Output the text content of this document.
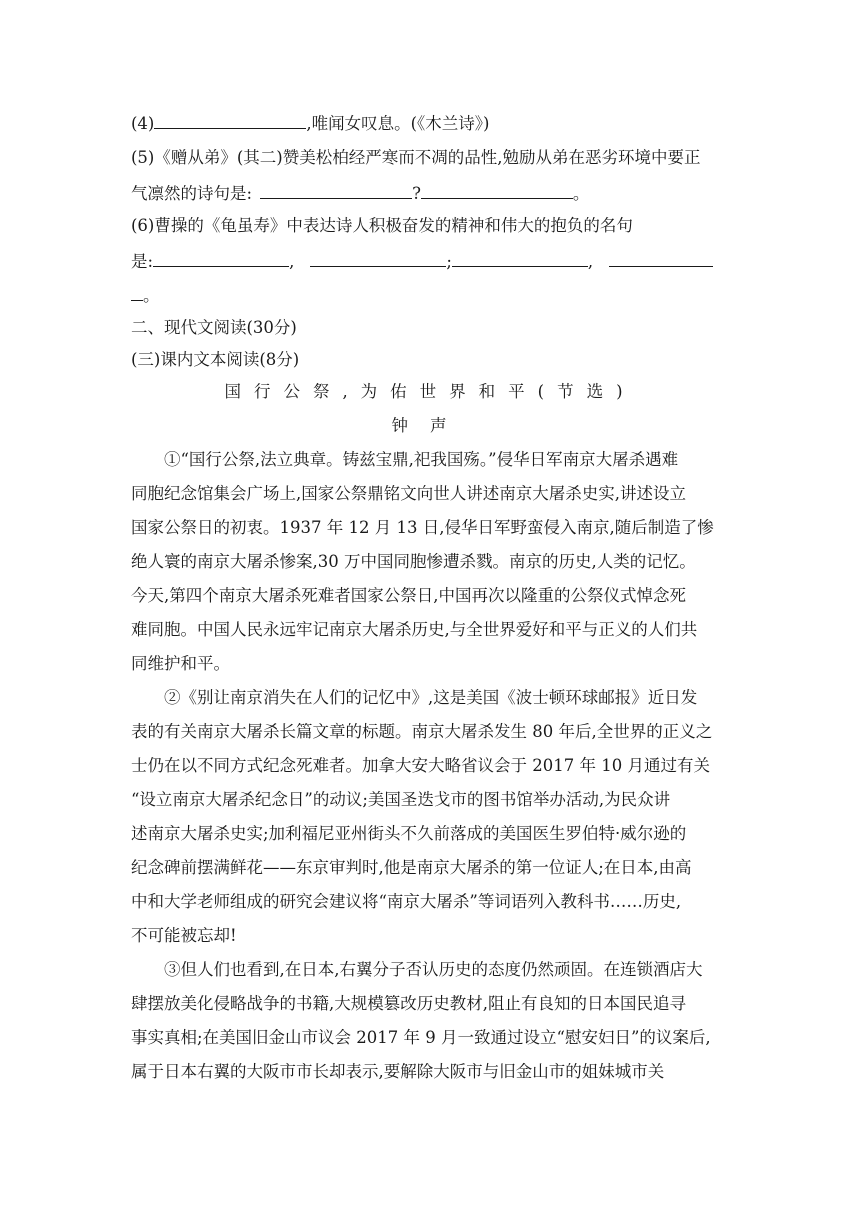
(4)	,唯闻女叹息。(《木兰诗》)
(5)《赠从弟》(其二)赞美松柏经严寒而不凋的品性,勉励从弟在恶劣环境中要正
气凛然的诗句是:	?	。
(6)曹操的《龟虽寿》中表达诗人积极奋发的精神和伟大的抱负的名句
是:	,	;	,
。
二、现代文阅读(30分)
(三)课内文本阅读(8分)
国行公祭,为佑世界和平(节选)
钟声
①“国行公祭,法立典章。铸兹宝鼎,祀我国殇。”侵华日军南京大屠杀遇难
同胞纪念馆集会广场上,国家公祭鼎铭文向世人讲述南京大屠杀史实,讲述设立
国家公祭日的初衷。1937 年 12 月 13 日,侵华日军野蛮侵入南京,随后制造了惨
绝人寰的南京大屠杀惨案,30 万中国同胞惨遭杀戮。南京的历史,人类的记忆。
今天,第四个南京大屠杀死难者国家公祭日,中国再次以隆重的公祭仪式悼念死
难同胞。中国人民永远牢记南京大屠杀历史,与全世界爱好和平与正义的人们共
同维护和平。
②《别让南京消失在人们的记忆中》,这是美国《波士顿环球邮报》近日发
表的有关南京大屠杀长篇文章的标题。南京大屠杀发生 80 年后,全世界的正义之
士仍在以不同方式纪念死难者。加拿大安大略省议会于 2017 年 10 月通过有关
“设立南京大屠杀纪念日”的动议;美国圣迭戈市的图书馆举办活动,为民众讲
述南京大屠杀史实;加利福尼亚州街头不久前落成的美国医生罗伯特·威尔逊的
纪念碑前摆满鲜花——东京审判时,他是南京大屠杀的第一位证人;在日本,由高
中和大学老师组成的研究会建议将“南京大屠杀”等词语列入教科书……历史,
不可能被忘却!
③但人们也看到,在日本,右翼分子否认历史的态度仍然顽固。在连锁酒店大
肆摆放美化侵略战争的书籍,大规模篡改历史教材,阻止有良知的日本国民追寻
事实真相;在美国旧金山市议会 2017 年 9 月一致通过设立“慰安妇日”的议案后,
属于日本右翼的大阪市市长却表示,要解除大阪市与旧金山市的姐妹城市关
